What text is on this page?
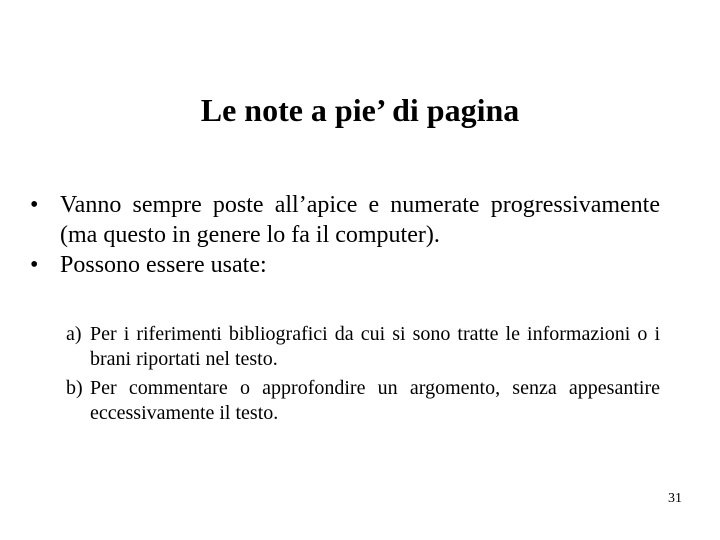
Le note a pie’ di pagina
• Vanno sempre poste all’apice e numerate progressivamente (ma questo in genere lo fa il computer).
• Possono essere usate:
a) Per i riferimenti bibliografici da cui si sono tratte le informazioni o i brani riportati nel testo.
b) Per commentare o approfondire un argomento, senza appesantire eccessivamente il testo.
31
